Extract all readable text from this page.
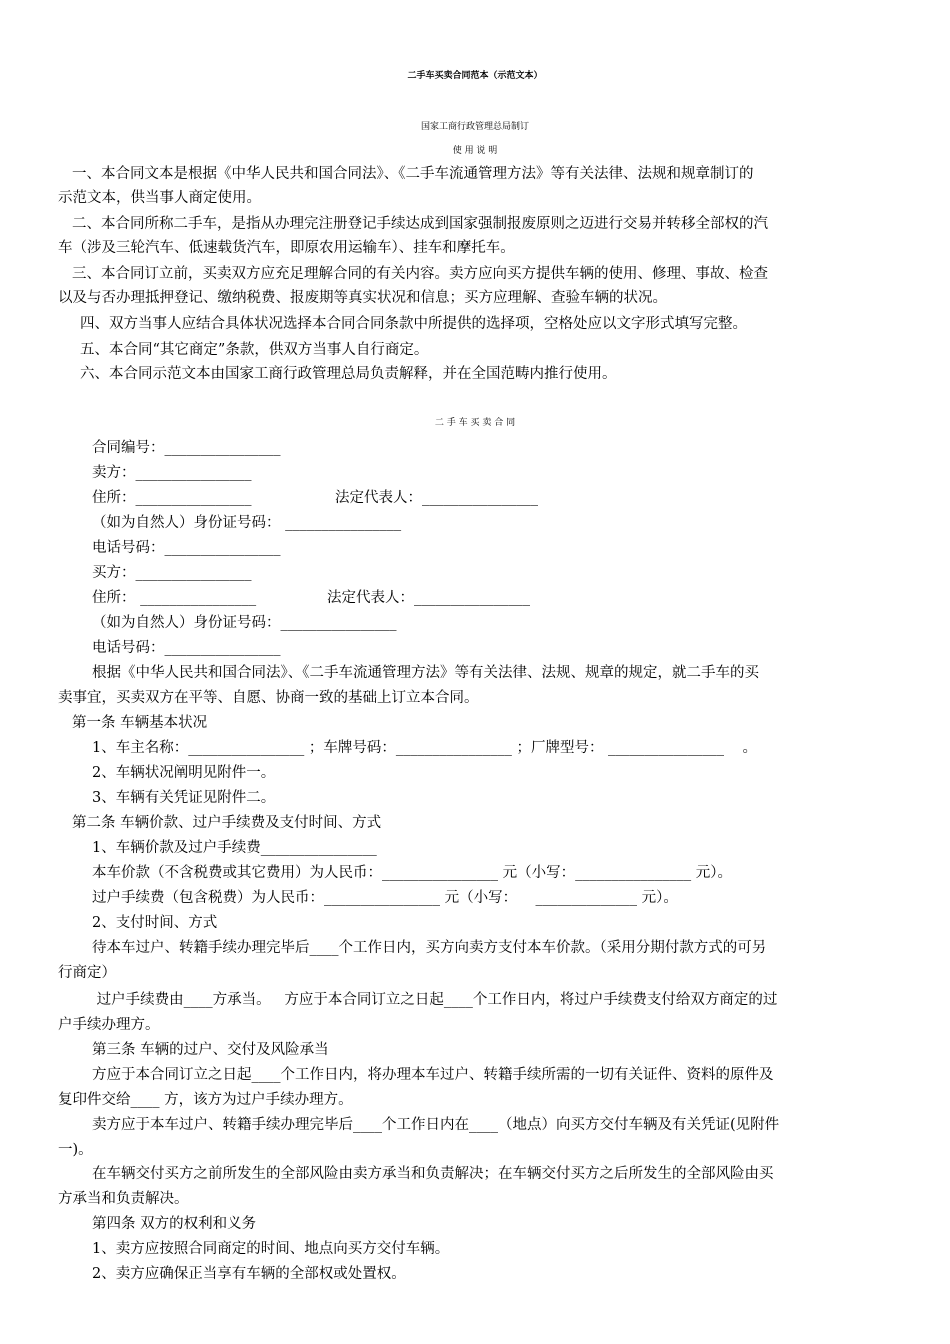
二手车买卖合同范本（示范文本）
国家工商行政管理总局制订
使 用 说 明
一、本合同文本是根据《中华人民共和国合同法》、《二手车流通管理方法》等有关法律、法规和规章制订的
示范文本，供当事人商定使用。
二、本合同所称二手车，是指从办理完注册登记手续达成到国家强制报废原则之迈进行交易并转移全部权的汽
车（涉及三轮汽车、低速载货汽车，即原农用运输车）、挂车和摩托车。
三、本合同订立前，买卖双方应充足理解合同的有关内容。卖方应向买方提供车辆的使用、修理、事故、检查
以及与否办理抵押登记、缴纳税费、报废期等真实状况和信息；买方应理解、查验车辆的状况。
四、双方当事人应结合具体状况选择本合同合同条款中所提供的选择项，空格处应以文字形式填写完整。
五、本合同“其它商定”条款，供双方当事人自行商定。
六、本合同示范文本由国家工商行政管理总局负责解释，并在全国范畴内推行使用。
二 手 车 买 卖 合 同
合同编号：________________
卖方：________________
住所：________________	法定代表人：________________
（如为自然人）身份证号码： ________________
电话号码：________________
买方：________________
住所： ________________	法定代表人：________________
（如为自然人）身份证号码：________________
电话号码：________________
根据《中华人民共和国合同法》、《二手车流通管理方法》等有关法律、法规、规章的规定，就二手车的买
卖事宜，买卖双方在平等、自愿、协商一致的基础上订立本合同。
第一条 车辆基本状况
1、车主名称：________________ ；车牌号码：________________ ；厂牌型号： ________________    。
2、车辆状况阐明见附件一。
3、车辆有关凭证见附件二。
第二条 车辆价款、过户手续费及支付时间、方式
1、车辆价款及过户手续费________________
本车价款（不含税费或其它费用）为人民币：________________ 元（小写：________________ 元）。
过户手续费（包含税费）为人民币：________________ 元（小写：    ______________ 元）。
2、支付时间、方式
待本车过户、转籍手续办理完毕后____个工作日内，买方向卖方支付本车价款。（采用分期付款方式的可另
行商定）
过户手续费由____方承当。   方应于本合同订立之日起____个工作日内，将过户手续费支付给双方商定的过
户手续办理方。
第三条 车辆的过户、交付及风险承当
方应于本合同订立之日起____个工作日内，将办理本车过户、转籍手续所需的一切有关证件、资料的原件及
复印件交给____ 方，该方为过户手续办理方。
卖方应于本车过户、转籍手续办理完毕后____个工作日内在____（地点）向买方交付车辆及有关凭证(见附件
一)。
在车辆交付买方之前所发生的全部风险由卖方承当和负责解决；在车辆交付买方之后所发生的全部风险由买
方承当和负责解决。
第四条 双方的权利和义务
1、卖方应按照合同商定的时间、地点向买方交付车辆。
2、卖方应确保正当享有车辆的全部权或处置权。
